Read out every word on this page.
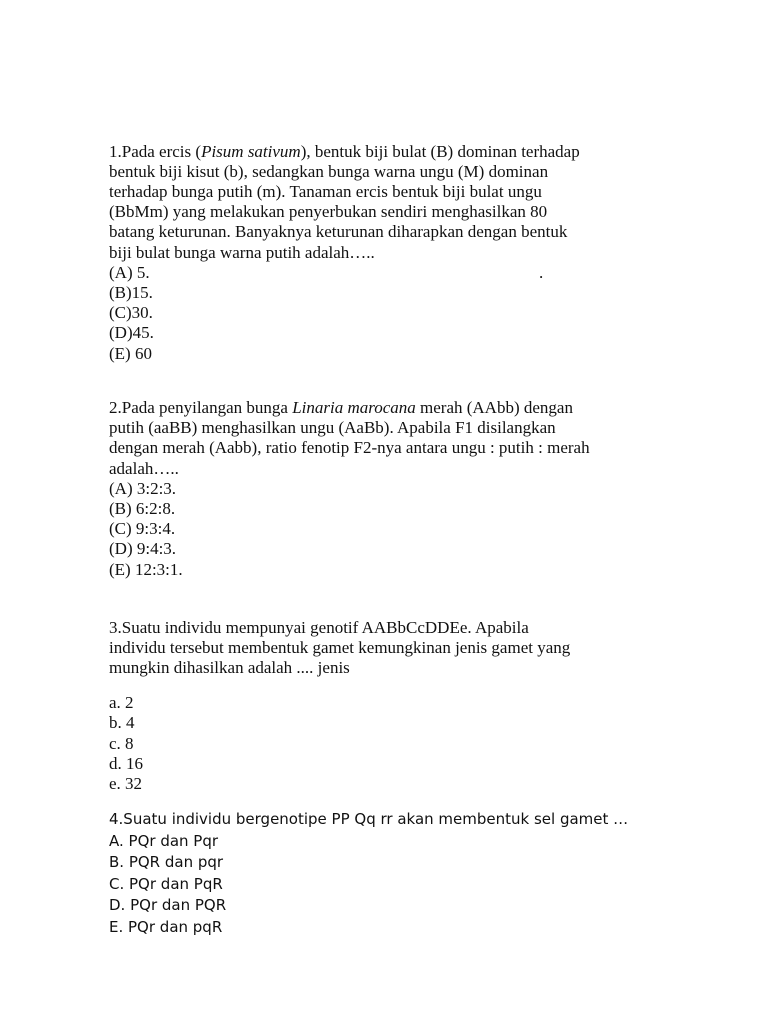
1.Pada ercis (Pisum sativum), bentuk biji bulat (B) dominan terhadap
bentuk biji kisut (b), sedangkan bunga warna ungu (M) dominan
terhadap bunga putih (m). Tanaman ercis bentuk biji bulat ungu
(BbMm) yang melakukan penyerbukan sendiri menghasilkan 80
batang keturunan. Banyaknya keturunan diharapkan dengan bentuk
biji bulat bunga warna putih adalah…..
.
(A) 5.
(B)15.
(C)30.
(D)45.
(E) 60
2.Pada penyilangan bunga Linaria marocana merah (AAbb) dengan
putih (aaBB) menghasilkan ungu (AaBb). Apabila F1 disilangkan
dengan merah (Aabb), ratio fenotip F2-nya antara ungu : putih : merah
adalah…..
(A) 3:2:3.
(B) 6:2:8.
(C) 9:3:4.
(D) 9:4:3.
(E) 12:3:1.
3.Suatu individu mempunyai genotif AABbCcDDEe. Apabila
individu tersebut membentuk gamet kemungkinan jenis gamet yang
mungkin dihasilkan adalah .... jenis
a. 2
b. 4
c. 8
d. 16
e. 32
4.Suatu individu bergenotipe PP Qq rr akan membentuk sel gamet …
A. PQr dan Pqr
B. PQR dan pqr
C. PQr dan PqR
D. PQr dan PQR
E. PQr dan pqR
